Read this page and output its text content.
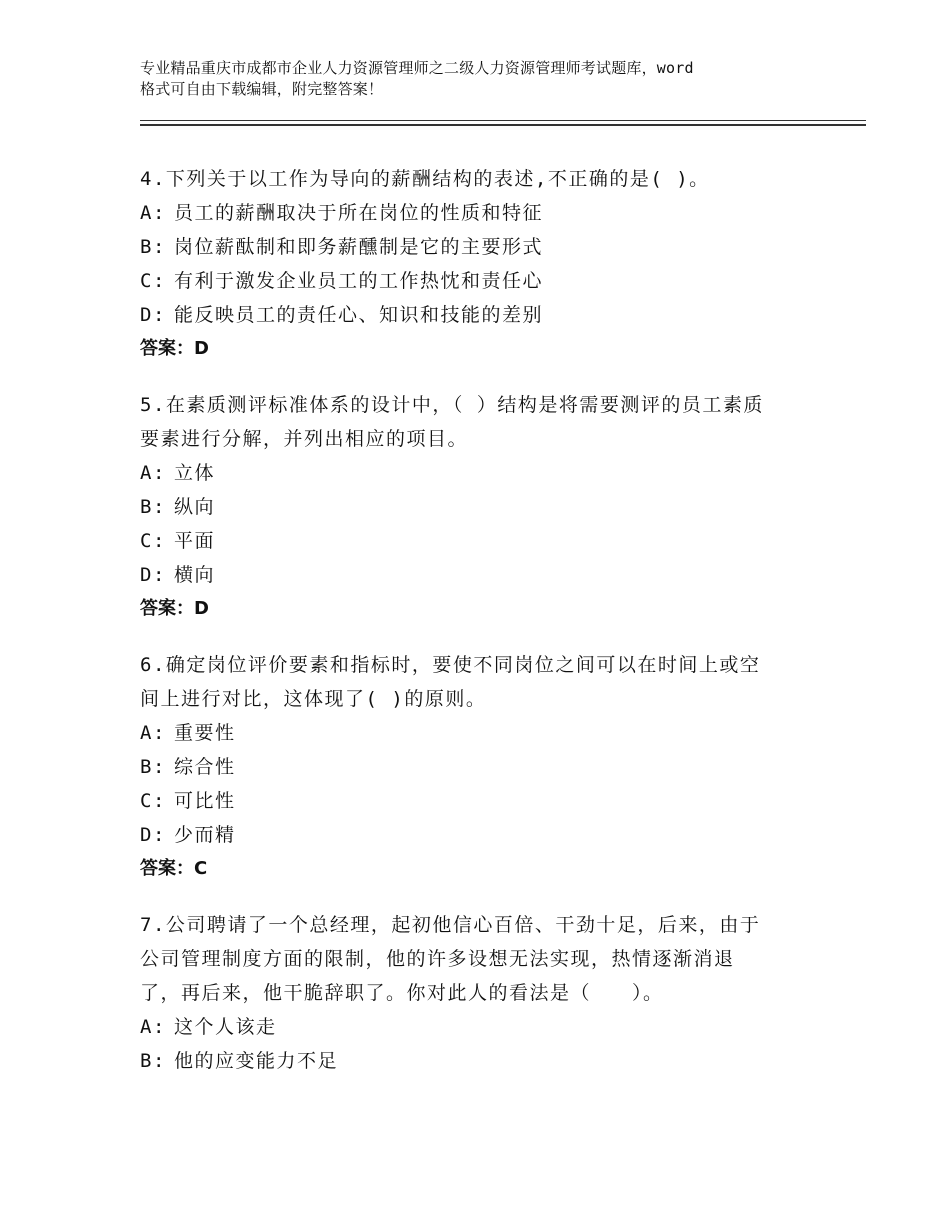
专业精品重庆市成都市企业人力资源管理师之二级人力资源管理师考试题库，word
格式可自由下载编辑，附完整答案！
4.下列关于以工作为导向的薪酬结构的表述,不正确的是( )。
A: 员工的薪酬取决于所在岗位的性质和特征
B: 岗位薪酞制和即务薪醺制是它的主要形式
C: 有利于激发企业员工的工作热忱和责任心
D: 能反映员工的责任心、知识和技能的差别
答案：D
5.在素质测评标准体系的设计中，（ ）结构是将需要测评的员工素质
要素进行分解，并列出相应的项目。
A: 立体
B: 纵向
C: 平面
D: 横向
答案：D
6.确定岗位评价要素和指标时，要使不同岗位之间可以在时间上或空
间上进行对比，这体现了( )的原则。
A: 重要性
B: 综合性
C: 可比性
D: 少而精
答案：C
7.公司聘请了一个总经理，起初他信心百倍、干劲十足，后来，由于
公司管理制度方面的限制，他的许多设想无法实现，热情逐渐消退
了，再后来，他干脆辞职了。你对此人的看法是（　　）。
A: 这个人该走
B: 他的应变能力不足
